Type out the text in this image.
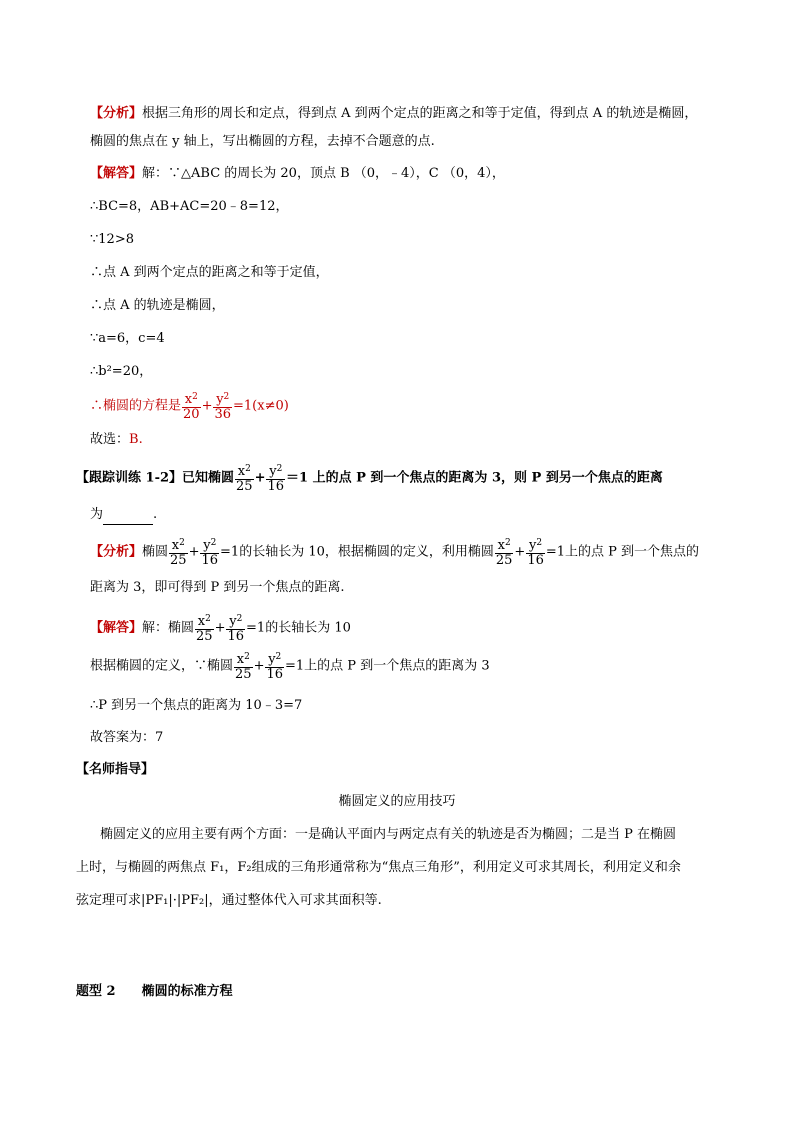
【分析】根据三角形的周长和定点，得到点 A 到两个定点的距离之和等于定值，得到点 A 的轨迹是椭圆，
椭圆的焦点在 y 轴上，写出椭圆的方程，去掉不合题意的点.
【解答】解：∵△ABC 的周长为 20，顶点 B （0，﹣4），C （0，4），
∴BC=8，AB+AC=20﹣8=12，
∵12>8
∴点 A 到两个定点的距离之和等于定值，
∴点 A 的轨迹是椭圆，
∵a=6，c=4
∴b²=20，
∴椭圆的方程是 $\frac{x^2}{20} + \frac{y^2}{36} =1(x\ne 0)$
故选：B.
【跟踪训练 1-2】已知椭圆 $\frac{x^2}{25} + \frac{y^2}{16} =1$ 上的点 P 到一个焦点的距离为 3，则 P 到另一个焦点的距离
为	.
【分析】椭圆 $\frac{x^2}{25} + \frac{y^2}{16} =1$的长轴长为 10，根据椭圆的定义，利用椭圆 $\frac{x^2}{25} + \frac{y^2}{16} =1$上的点 P 到一个焦点的
距离为 3，即可得到 P 到另一个焦点的距离.
【解答】解：椭圆 $\frac{x^2}{25} + \frac{y^2}{16} =1$的长轴长为 10
根据椭圆的定义，∵椭圆 $\frac{x^2}{25} + \frac{y^2}{16} =1$上的点 P 到一个焦点的距离为 3
∴P 到另一个焦点的距离为 10﹣3=7
故答案为：7
【名师指导】
椭圆定义的应用技巧
椭圆定义的应用主要有两个方面：一是确认平面内与两定点有关的轨迹是否为椭圆；二是当 P 在椭圆
上时，与椭圆的两焦点 F₁，F₂组成的三角形通常称为“焦点三角形”，利用定义可求其周长，利用定义和余
弦定理可求|PF₁|·|PF₂|，通过整体代入可求其面积等.
题型 2 椭圆的标准方程
